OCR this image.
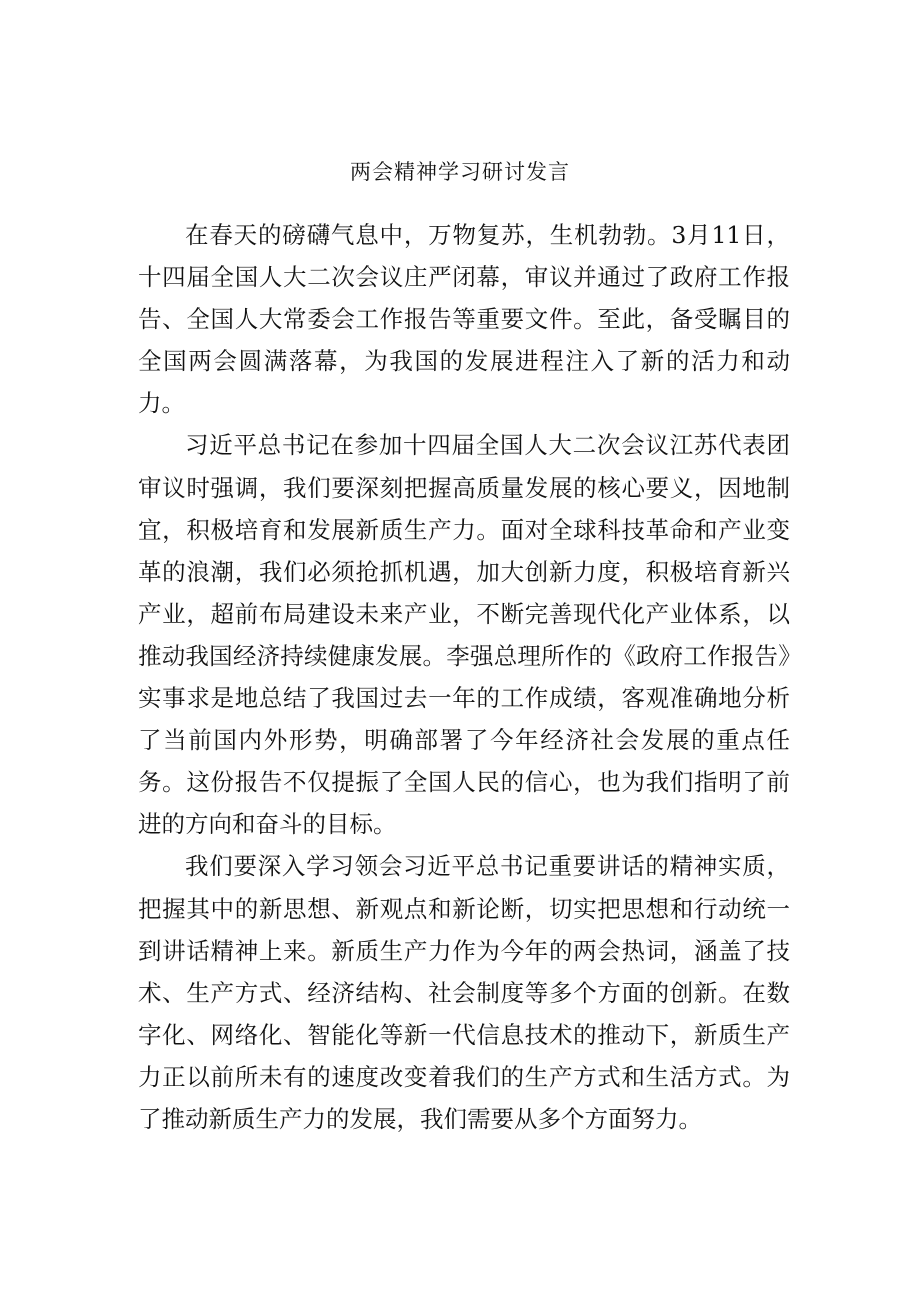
两会精神学习研讨发言

在春天的磅礴气息中，万物复苏，生机勃勃。3月11日，十四届全国人大二次会议庄严闭幕，审议并通过了政府工作报告、全国人大常委会工作报告等重要文件。至此，备受瞩目的全国两会圆满落幕，为我国的发展进程注入了新的活力和动力。

习近平总书记在参加十四届全国人大二次会议江苏代表团审议时强调，我们要深刻把握高质量发展的核心要义，因地制宜，积极培育和发展新质生产力。面对全球科技革命和产业变革的浪潮，我们必须抢抓机遇，加大创新力度，积极培育新兴产业，超前布局建设未来产业，不断完善现代化产业体系，以推动我国经济持续健康发展。李强总理所作的《政府工作报告》实事求是地总结了我国过去一年的工作成绩，客观准确地分析了当前国内外形势，明确部署了今年经济社会发展的重点任务。这份报告不仅提振了全国人民的信心，也为我们指明了前进的方向和奋斗的目标。

我们要深入学习领会习近平总书记重要讲话的精神实质，把握其中的新思想、新观点和新论断，切实把思想和行动统一到讲话精神上来。新质生产力作为今年的两会热词，涵盖了技术、生产方式、经济结构、社会制度等多个方面的创新。在数字化、网络化、智能化等新一代信息技术的推动下，新质生产力正以前所未有的速度改变着我们的生产方式和生活方式。为了推动新质生产力的发展，我们需要从多个方面努力。
